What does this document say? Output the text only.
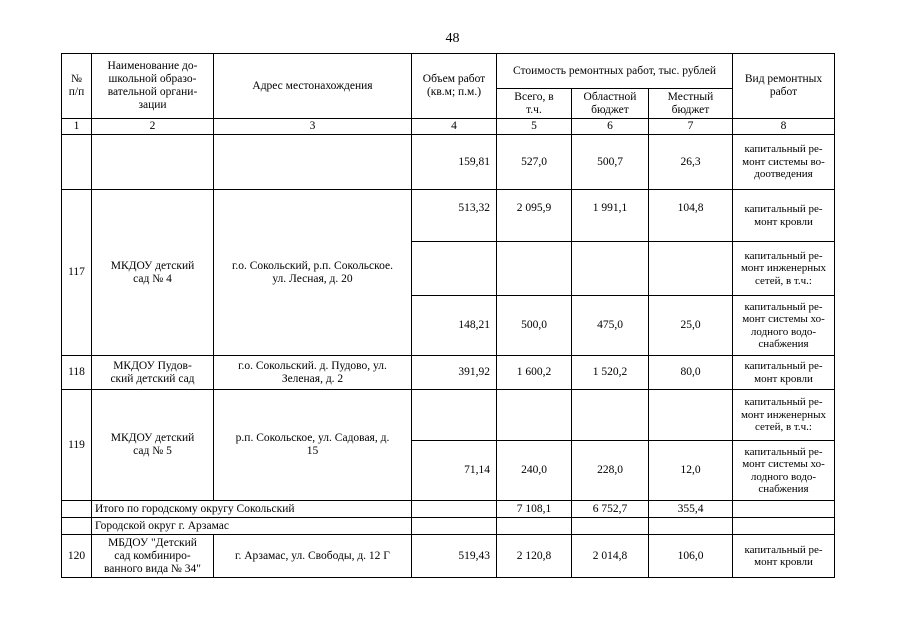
48
№
п/п	Наименование до-
школьной образо-
вательной органи-
зации	Адрес местонахождения	Объем работ
(кв.м; п.м.)	Стоимость ремонтных работ, тыс. рублей			Вид ремонтных
работ
				Всего, в
т.ч.	Областной
бюджет	Местный
бюджет	
1	2	3	4	5	6	7	8
			159,81	527,0	500,7	26,3	капитальный ре-
монт системы во-
доотведения
117	МКДОУ детский
сад № 4	г.о. Сокольский, р.п. Сокольское.
ул. Лесная, д. 20	513,32	2 095,9	1 991,1	104,8	капитальный ре-
монт кровли
							капитальный ре-
монт инженерных
сетей, в т.ч.:
			148,21	500,0	475,0	25,0	капитальный ре-
монт системы хо-
лодного водо-
снабжения
118	МКДОУ Пудов-
ский детский сад	г.о. Сокольский. д. Пудово, ул.
Зеленая, д. 2	391,92	1 600,2	1 520,2	80,0	капитальный ре-
монт кровли
119	МКДОУ детский
сад № 5	р.п. Сокольское, ул. Садовая, д.
15					капитальный ре-
монт инженерных
сетей, в т.ч.:
			71,14	240,0	228,0	12,0	капитальный ре-
монт системы хо-
лодного водо-
снабжения
	Итого по городскому округу Сокольский			7 108,1	6 752,7	355,4	
	Городской округ г. Арзамас						
120	МБДОУ "Детский
сад комбиниро-
ванного вида № 34"	г. Арзамас, ул. Свободы, д. 12 Г	519,43	2 120,8	2 014,8	106,0	капитальный ре-
монт кровли
